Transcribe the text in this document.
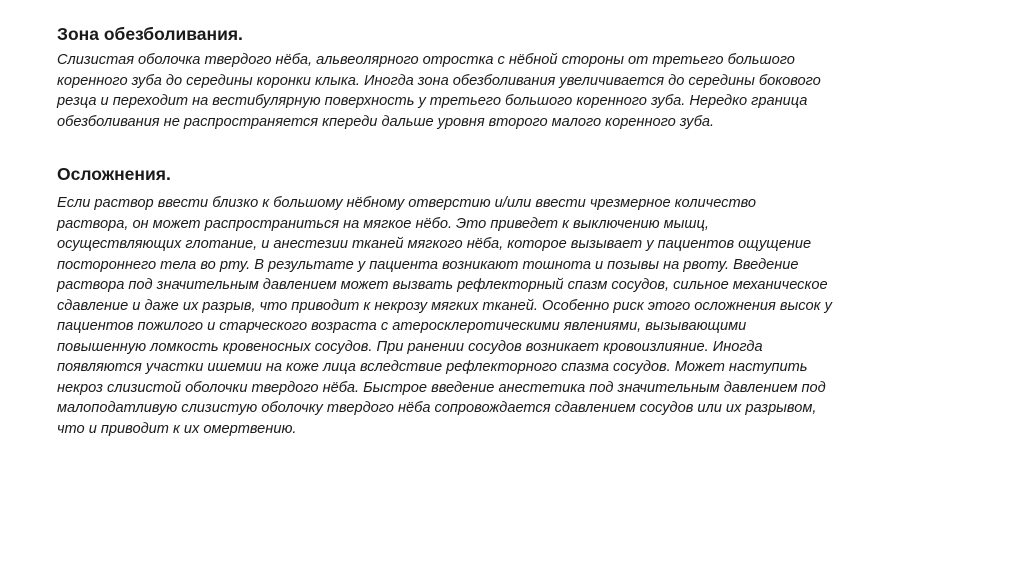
Зона обезболивания.

Слизистая оболочка твердого нёба, альвеолярного отростка с нёбной стороны от третьего большого
коренного зуба до середины коронки клыка. Иногда зона обезболивания увеличивается до середины бокового
резца и переходит на вестибулярную поверхность у третьего большого коренного зуба. Нередко граница
обезболивания не распространяется кпереди дальше уровня второго малого коренного зуба.

Осложнения.

Если раствор ввести близко к большому нёбному отверстию и/или ввести чрезмерное количество
раствора, он может распространиться на мягкое нёбо. Это приведет к выключению мышц,
осуществляющих глотание, и анестезии тканей мягкого нёба, которое вызывает у пациентов ощущение
постороннего тела во рту. В результате у пациента возникают тошнота и позывы на рвоту. Введение
раствора под значительным давлением может вызвать рефлекторный спазм сосудов, сильное механическое
сдавление и даже их разрыв, что приводит к некрозу мягких тканей. Особенно риск этого осложнения высок у
пациентов пожилого и старческого возраста с атеросклеротическими явлениями, вызывающими
повышенную ломкость кровеносных сосудов. При ранении сосудов возникает кровоизлияние. Иногда
появляются участки ишемии на коже лица вследствие рефлекторного спазма сосудов. Может наступить
некроз слизистой оболочки твердого нёба. Быстрое введение анестетика под значительным давлением под
малоподатливую слизистую оболочку твердого нёба сопровождается сдавлением сосудов или их разрывом,
что и приводит к их омертвению.
